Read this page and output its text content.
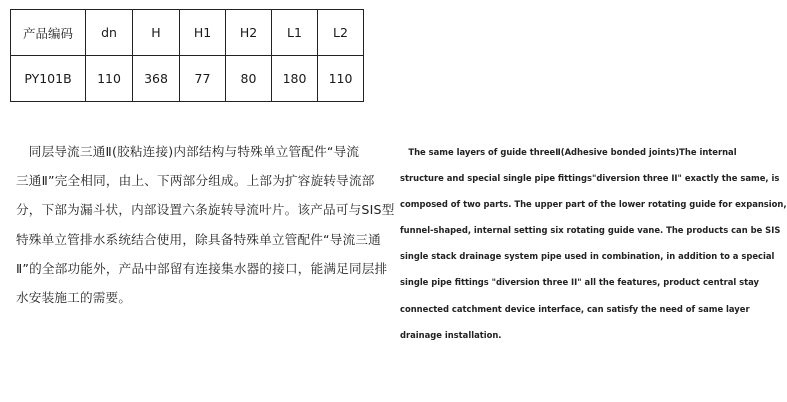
产品编码	dn	H	H1	H2	L1	L2
PY101B	110	368	77	80	180	110
　同层导流三通Ⅱ(胶粘连接)内部结构与特殊单立管配件“导流
三通Ⅱ”完全相同，由上、下两部分组成。上部为扩容旋转导流部
分，下部为漏斗状，内部设置六条旋转导流叶片。该产品可与SIS型
特殊单立管排水系统结合使用，除具备特殊单立管配件“导流三通
Ⅱ”的全部功能外，产品中部留有连接集水器的接口，能满足同层排
水安装施工的需要。
　The same layers of guide threeⅡ(Adhesive bonded joints)The internal
structure and special single pipe fittings"diversion three II" exactly the same, is
composed of two parts. The upper part of the lower rotating guide for expansion,
funnel-shaped, internal setting six rotating guide vane. The products can be SIS
single stack drainage system pipe used in combination, in addition to a special
single pipe fittings "diversion three II" all the features, product central stay
connected catchment device interface, can satisfy the need of same layer
drainage installation.
